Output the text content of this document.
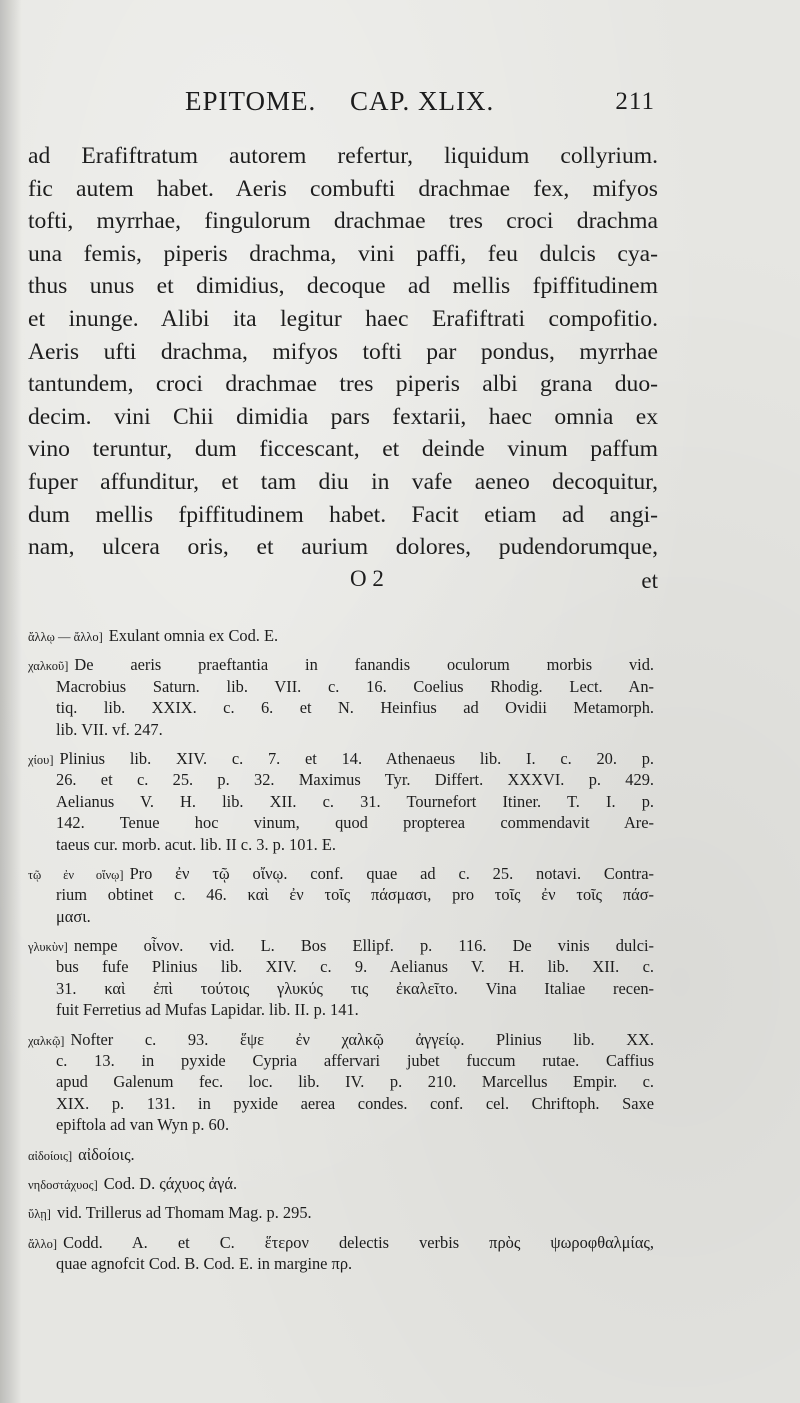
EPITOME. CAP. XLIX.	211
ad Erafiftratum autorem refertur, liquidum collyrium.
fic autem habet. Aeris combufti drachmae fex, mifyos
tofti, myrrhae, fingulorum drachmae tres croci drachma
una femis, piperis drachma, vini paffi, feu dulcis cya-
thus unus et dimidius, decoque ad mellis fpiffitudinem
et inunge. Alibi ita legitur haec Erafiftrati compofitio.
Aeris ufti drachma, mifyos tofti par pondus, myrrhae
tantundem, croci drachmae tres piperis albi grana duo-
decim. vini Chii dimidia pars fextarii, haec omnia ex
vino teruntur, dum ficcescant, et deinde vinum paffum
fuper affunditur, et tam diu in vafe aeneo decoquitur,
dum mellis fpiffitudinem habet. Facit etiam ad angi-
nam, ulcera oris, et aurium dolores, pudendorumque,
O 2	et
ἄλλῳ — ἄλλο] Exulant omnia ex Cod. E.
χαλκοῦ] De aeris praeftantia in fanandis oculorum morbis vid.
Macrobius Saturn. lib. VII. c. 16. Coelius Rhodig. Lect. An-
tiq. lib. XXIX. c. 6. et N. Heinfius ad Ovidii Metamorph.
lib. VII. vf. 247.
χίου] Plinius lib. XIV. c. 7. et 14. Athenaeus lib. I. c. 20. p.
26. et c. 25. p. 32. Maximus Tyr. Differt. XXXVI. p. 429.
Aelianus V. H. lib. XII. c. 31. Tournefort Itiner. T. I. p.
142. Tenue hoc vinum, quod propterea commendavit Are-
taeus cur. morb. acut. lib. II c. 3. p. 101. E.
τῷ ἐν οἴνῳ] Pro ἐν τῷ οἴνῳ. conf. quae ad c. 25. notavi. Contra-
rium obtinet c. 46. καὶ ἐν τοῖς πάσμασι, pro τοῖς ἐν τοῖς πάσ-
μασι.
γλυκὺν] nempe οἶνον. vid. L. Bos Ellipf. p. 116. De vinis dulci-
bus fufe Plinius lib. XIV. c. 9. Aelianus V. H. lib. XII. c.
31. καὶ ἐπὶ τούτοις γλυκύς τις ἐκαλεῖτο. Vina Italiae recen-
fuit Ferretius ad Mufas Lapidar. lib. II. p. 141.
χαλκῷ] Nofter c. 93. ἕψε ἐν χαλκῷ ἀγγείῳ. Plinius lib. XX.
c. 13. in pyxide Cypria affervari jubet fuccum rutae. Caffius
apud Galenum fec. loc. lib. IV. p. 210. Marcellus Empir. c.
XIX. p. 131. in pyxide aerea condes. conf. cel. Chriftoph. Saxe
epiftola ad van Wyn p. 60.
αἰδοίοις] αἰδοίοις.
νηδοστάχυος] Cod. D. ςάχυος ἀγά.
ὕλῃ] vid. Trillerus ad Thomam Mag. p. 295.
ἄλλο] Codd. A. et C. ἕτερον delectis verbis πρὸς ψωροφθαλμίας,
quae agnofcit Cod. B. Cod. E. in margine πρ.
